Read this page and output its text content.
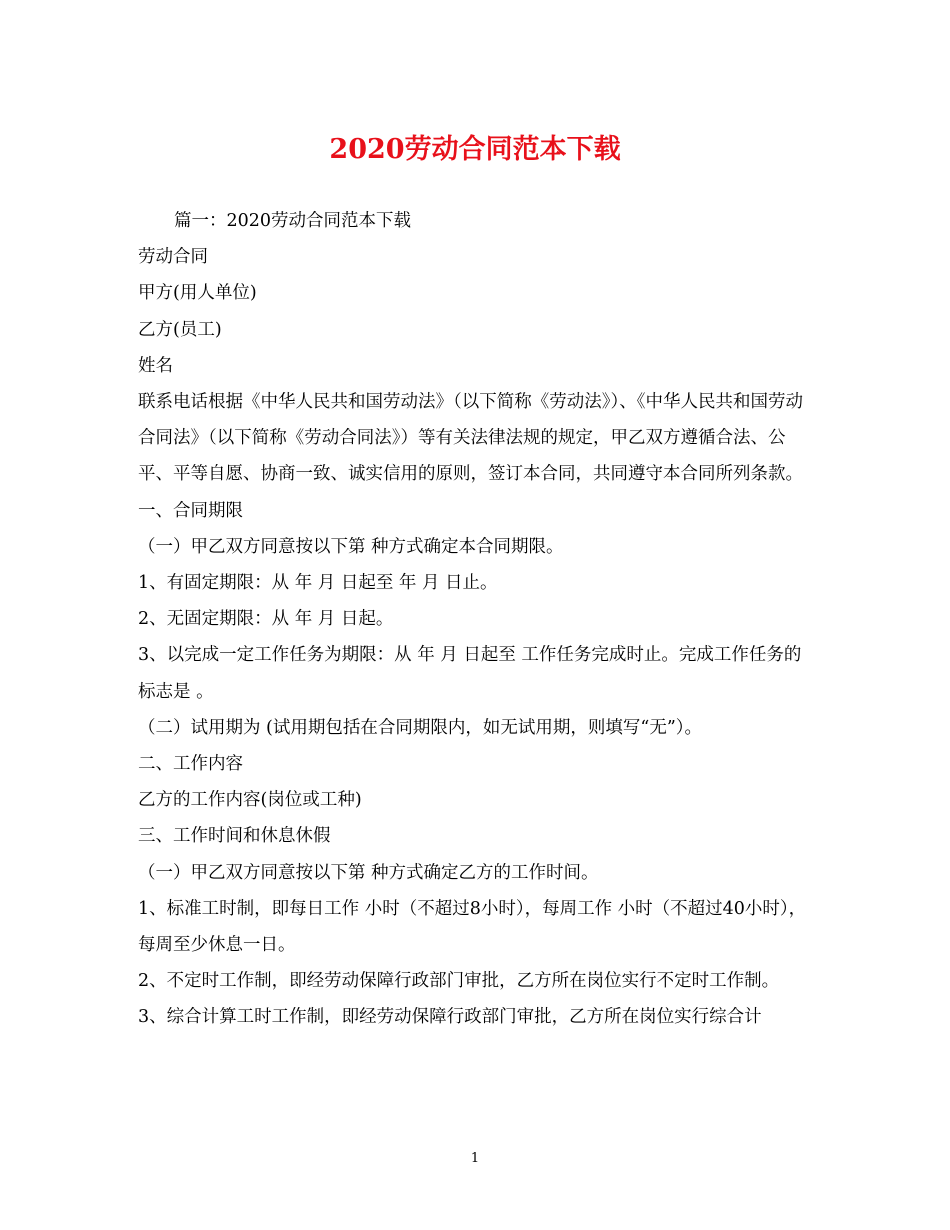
2020劳动合同范本下载

篇一：2020劳动合同范本下载

劳动合同

甲方(用人单位)

乙方(员工)

姓名

联系电话根据《中华人民共和国劳动法》（以下简称《劳动法》）、《中华人民共和国劳动合同法》（以下简称《劳动合同法》）等有关法律法规的规定，甲乙双方遵循合法、公平、平等自愿、协商一致、诚实信用的原则，签订本合同，共同遵守本合同所列条款。

一、合同期限

（一）甲乙双方同意按以下第 种方式确定本合同期限。

1、有固定期限：从 年 月 日起至 年 月 日止。

2、无固定期限：从 年 月 日起。

3、以完成一定工作任务为期限：从 年 月 日起至 工作任务完成时止。完成工作任务的标志是 。

（二）试用期为 (试用期包括在合同期限内，如无试用期，则填写“无”）。

二、工作内容

乙方的工作内容(岗位或工种)

三、工作时间和休息休假

（一）甲乙双方同意按以下第 种方式确定乙方的工作时间。

1、标准工时制，即每日工作 小时（不超过8小时），每周工作 小时（不超过40小时），每周至少休息一日。

2、不定时工作制，即经劳动保障行政部门审批，乙方所在岗位实行不定时工作制。

3、综合计算工时工作制，即经劳动保障行政部门审批，乙方所在岗位实行综合计

1
